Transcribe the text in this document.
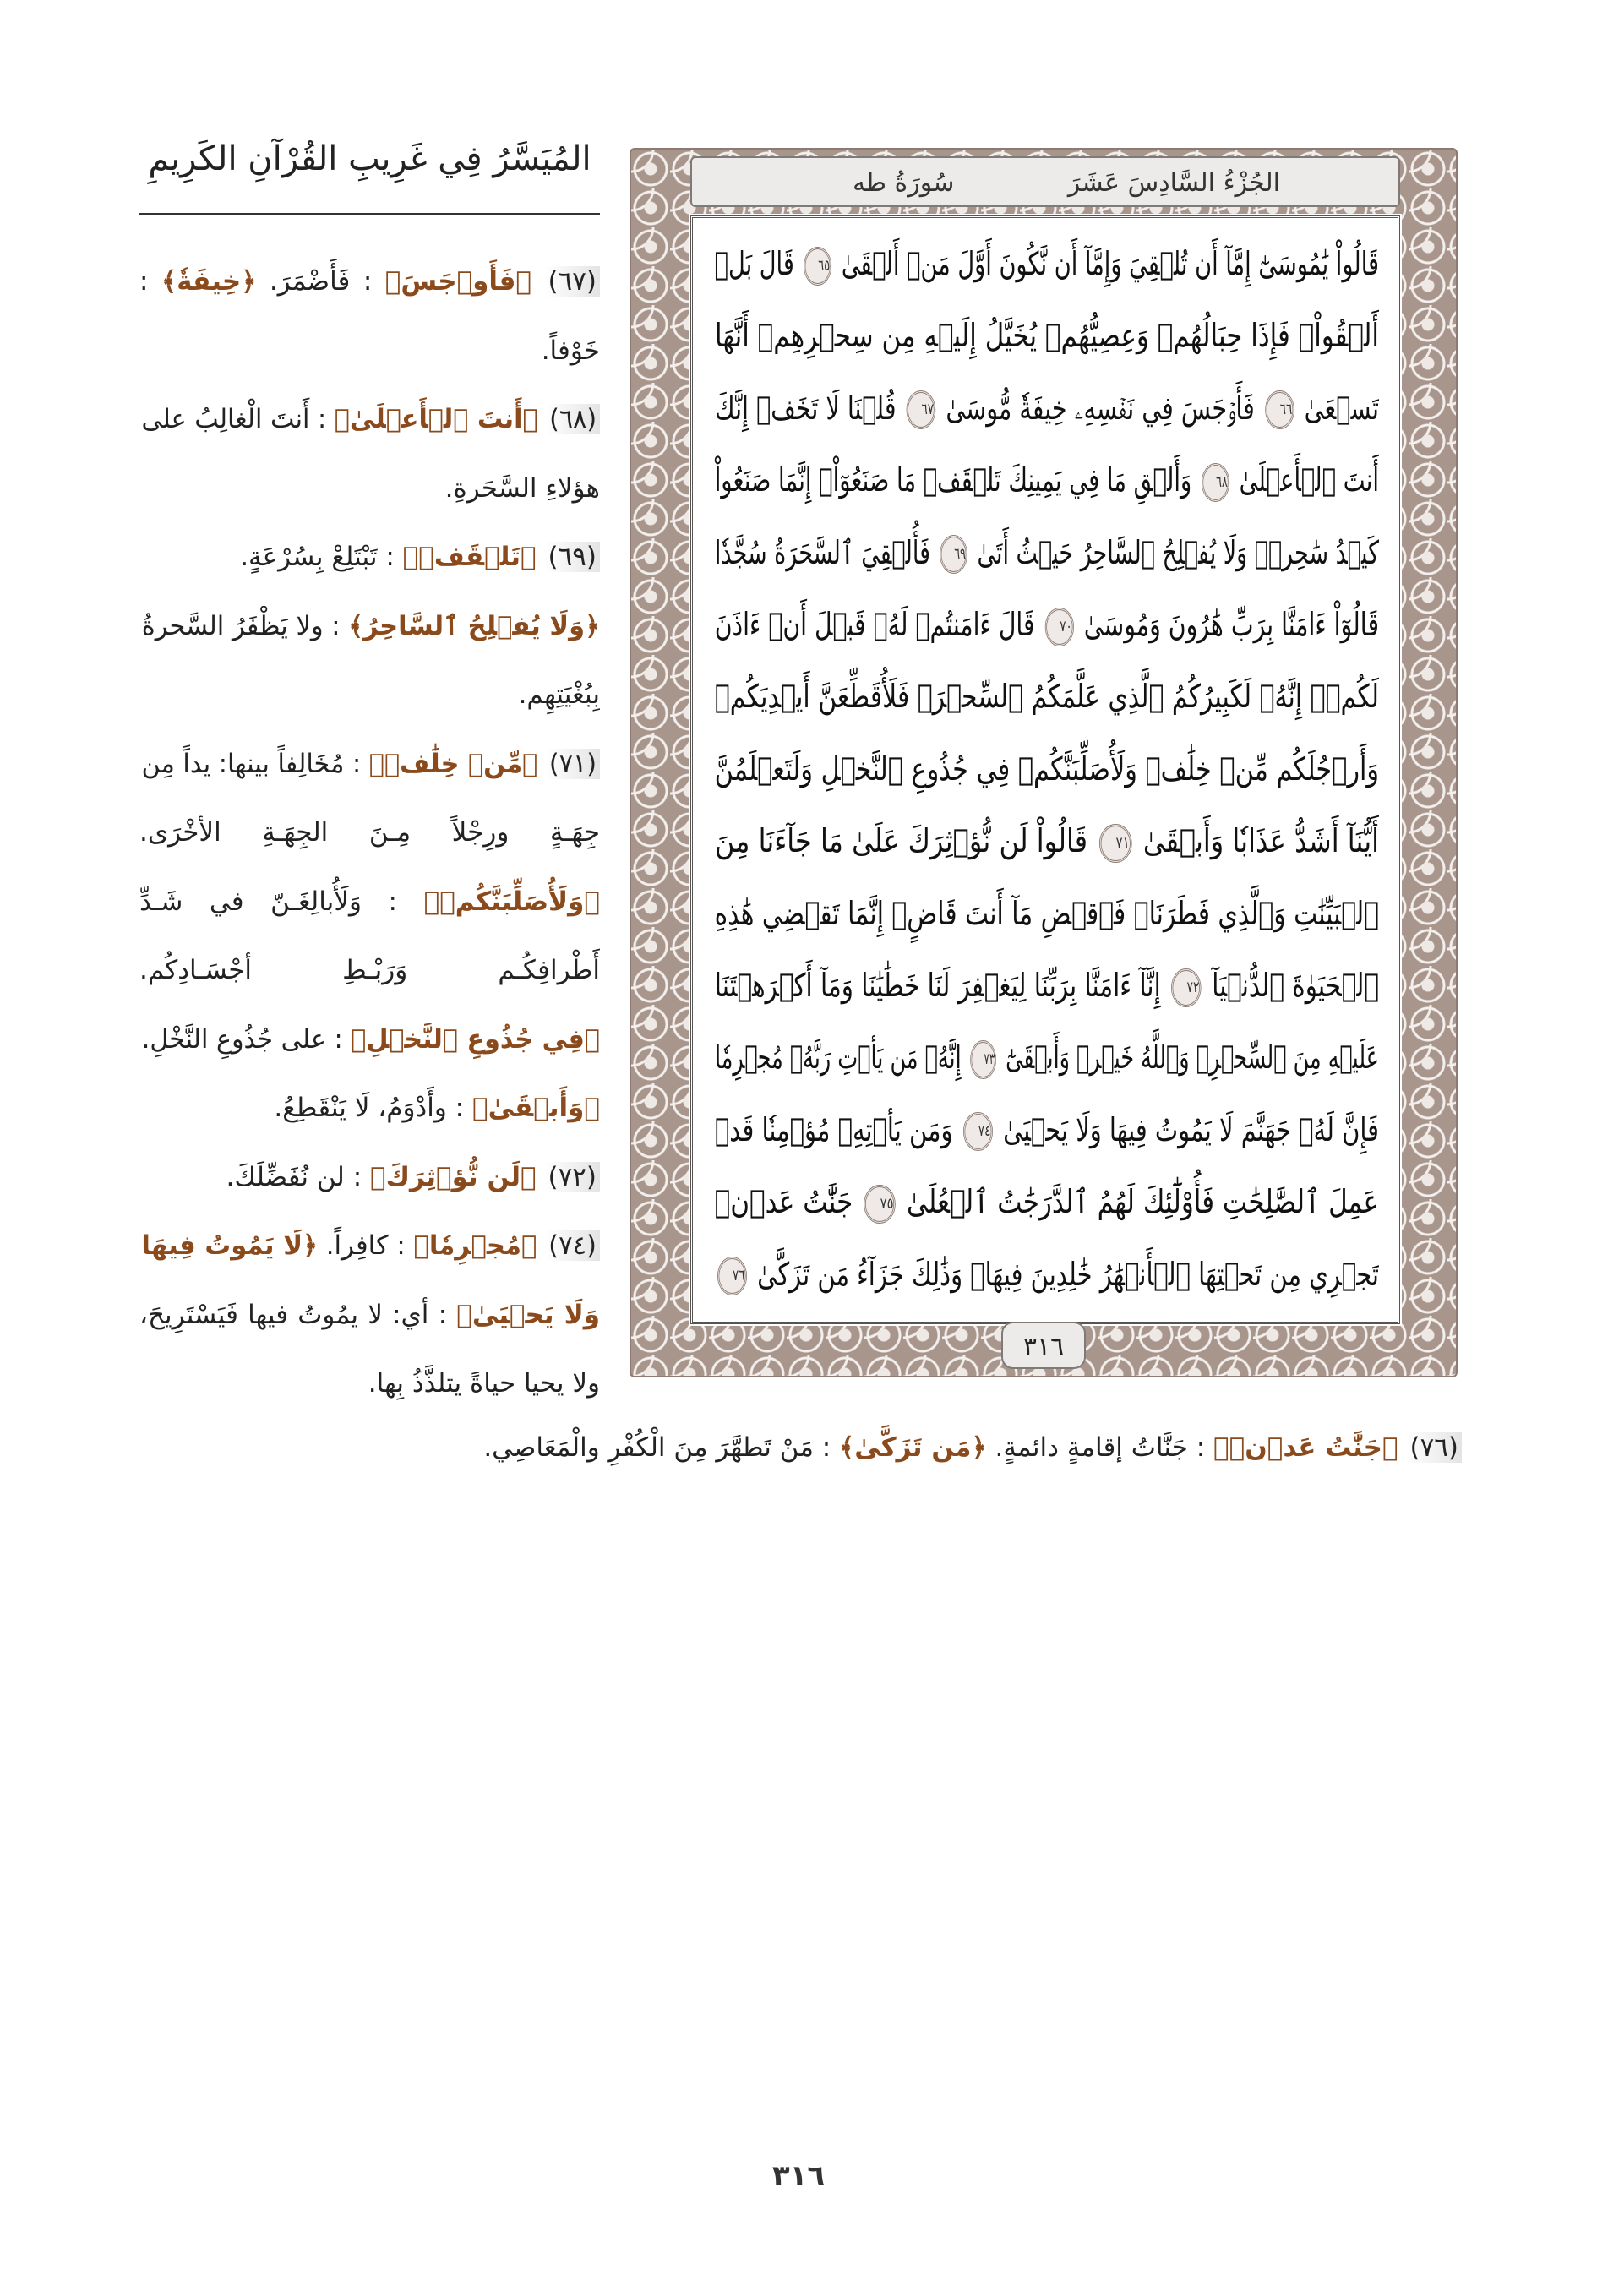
سُورَةُ طه	الجُزْءُ السَّادِسَ عَشَرَ
قَالُواْ يَٰمُوسَىٰٓ إِمَّآ أَن تُلۡقِيَ وَإِمَّآ أَن نَّكُونَ أَوَّلَ مَنۡ أَلۡقَىٰ ٦٥ قَالَ بَلۡ
أَلۡقُواْۖ فَإِذَا حِبَالُهُمۡ وَعِصِيُّهُمۡ يُخَيَّلُ إِلَيۡهِ مِن سِحۡرِهِمۡ أَنَّهَا
تَسۡعَىٰ ٦٦ فَأَوۡجَسَ فِي نَفۡسِهِۦ خِيفَةٗ مُّوسَىٰ ٦٧ قُلۡنَا لَا تَخَفۡ إِنَّكَ
أَنتَ ٱلۡأَعۡلَىٰ ٦٨ وَأَلۡقِ مَا فِي يَمِينِكَ تَلۡقَفۡ مَا صَنَعُوٓاْۖ إِنَّمَا صَنَعُواْ
كَيۡدُ سَٰحِرٖۖ وَلَا يُفۡلِحُ ٱلسَّاحِرُ حَيۡثُ أَتَىٰ ٦٩ فَأُلۡقِيَ ٱلسَّحَرَةُ سُجَّدٗا
قَالُوٓاْ ءَامَنَّا بِرَبِّ هَٰرُونَ وَمُوسَىٰ ٧٠ قَالَ ءَامَنتُمۡ لَهُۥ قَبۡلَ أَنۡ ءَاذَنَ
لَكُمۡۖ إِنَّهُۥ لَكَبِيرُكُمُ ٱلَّذِي عَلَّمَكُمُ ٱلسِّحۡرَۖ فَلَأُقَطِّعَنَّ أَيۡدِيَكُمۡ
وَأَرۡجُلَكُم مِّنۡ خِلَٰفٖ وَلَأُصَلِّبَنَّكُمۡ فِي جُذُوعِ ٱلنَّخۡلِ وَلَتَعۡلَمُنَّ
أَيُّنَآ أَشَدُّ عَذَابٗا وَأَبۡقَىٰ ٧١ قَالُواْ لَن نُّؤۡثِرَكَ عَلَىٰ مَا جَآءَنَا مِنَ
ٱلۡبَيِّنَٰتِ وَٱلَّذِي فَطَرَنَاۖ فَٱقۡضِ مَآ أَنتَ قَاضٍۖ إِنَّمَا تَقۡضِي هَٰذِهِ
ٱلۡحَيَوٰةَ ٱلدُّنۡيَآ ٧٢ إِنَّآ ءَامَنَّا بِرَبِّنَا لِيَغۡفِرَ لَنَا خَطَٰيَٰنَا وَمَآ أَكۡرَهۡتَنَا
عَلَيۡهِ مِنَ ٱلسِّحۡرِۗ وَٱللَّهُ خَيۡرٞ وَأَبۡقَىٰٓ ٧٣ إِنَّهُۥ مَن يَأۡتِ رَبَّهُۥ مُجۡرِمٗا
فَإِنَّ لَهُۥ جَهَنَّمَ لَا يَمُوتُ فِيهَا وَلَا يَحۡيَىٰ ٧٤ وَمَن يَأۡتِهِۦ مُؤۡمِنٗا قَدۡ
عَمِلَ ٱلصَّٰلِحَٰتِ فَأُوْلَٰٓئِكَ لَهُمُ ٱلدَّرَجَٰتُ ٱلۡعُلَىٰ ٧٥ جَنَّٰتُ عَدۡنٖ
تَجۡرِي مِن تَحۡتِهَا ٱلۡأَنۡهَٰرُ خَٰلِدِينَ فِيهَاۚ وَذَٰلِكَ جَزَآءُ مَن تَزَكَّىٰ ٧٦
٣١٦
المُيَسَّرُ فِي غَرِيبِ القُرْآنِ الكَرِيمِ
(٦٧) ﴿فَأَوۡجَسَ﴾ : فَأَضْمَرَ. ﴿خِيفَةٗ﴾ :
خَوْفاً.
(٦٨) ﴿أَنتَ ٱلۡأَعۡلَىٰ﴾ : أَنتَ الْغالِبُ على
هؤلاءِ السَّحَرةِ.
(٦٩) ﴿تَلۡقَفۡ﴾ : تَبْتَلِعْ بِسُرْعَةٍ.
﴿وَلَا يُفۡلِحُ ٱلسَّاحِرُ﴾ : ولا يَظْفَرُ السَّحرةُ
بِبُغْيَتِهِم.
(٧١) ﴿مِّنۡ خِلَٰفٖ﴾ : مُخَالِفاً بينها: يداً مِن
جِهَـةٍ ورِجْلاً مِـنَ الجِهَـةِ الأخْرَى.
﴿وَلَأُصَلِّبَنَّكُمۡ﴾ : وَلَأُبالِغَـنّ في شَـدِّ
أَطْرافِكُـم وَرَبْـطِ أجْسَـادِكُم.
﴿فِي جُذُوعِ ٱلنَّخۡلِ﴾ : على جُذُوعِ النَّخْلِ.
﴿وَأَبۡقَىٰ﴾ : وأَدْوَمُ، لَا يَنْقَطِعُ.
(٧٢) ﴿لَن نُّؤۡثِرَكَ﴾ : لن نُفَضِّلَكَ.
(٧٤) ﴿مُجۡرِمٗا﴾ : كافِراً. ﴿لَا يَمُوتُ فِيهَا
وَلَا يَحۡيَىٰ﴾ : أي: لا يمُوتُ فيها فَيَسْتَرِيحَ،
ولا يحيا حياةً يتلذَّذُ بِها.
(٧٦) ﴿جَنَّٰتُ عَدۡنٖ﴾ : جَنَّاتُ إقامةٍ دائمةٍ. ﴿مَن تَزَكَّىٰ﴾ : مَنْ تَطهَّرَ مِنَ الْكُفْرِ والْمَعَاصِي.
٣١٦
